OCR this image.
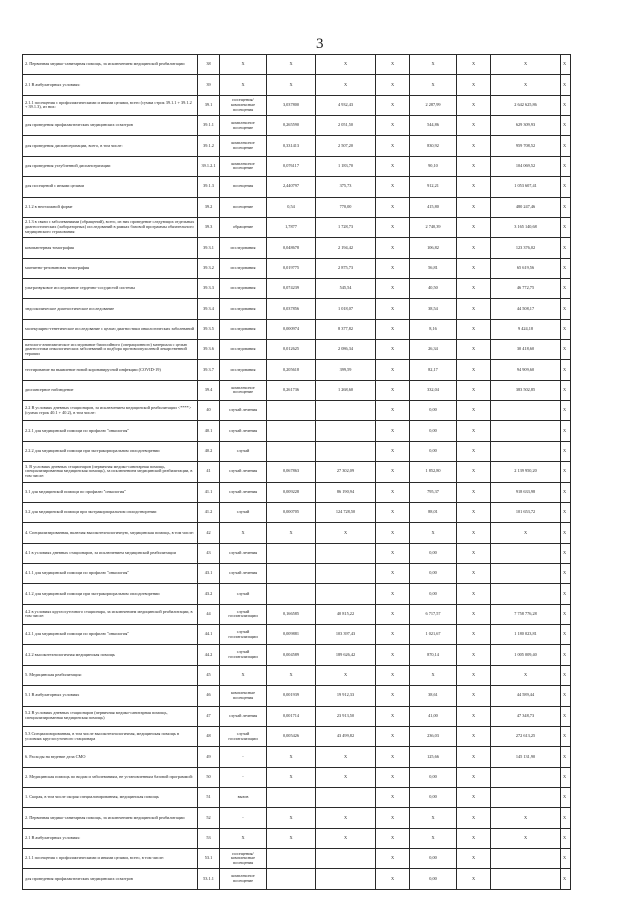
3
2. Первичная медико-санитарная помощь, за исключением медицинской реабилитации	38	X	X	X	X	X	X	X	X
2.1 В амбулаторных условиях:	39	X	X	X	X	X	X	X	X
2.1.1 посещения с профилактическими и иными целями, всего (сумма строк 39.1.1 + 39.1.2 + 39.1.3), из них:	39.1	посещения/комплексные посещения	3,037800	4 932,43	X	2 287,99	X	2 642 625,86	X
для проведения профилактических медицинских осмотров	39.1.1	комплексное посещение	0,265590	2 051,50	X	544,86	X	629 309,93	X
для проведения диспансеризации, всего, в том числе:	39.1.2	комплексное посещение	0,331413	2 507,20	X	830,92	X	959 708,52	X
для проведения углубленной диспансеризации	39.1.2.1	комплексное посещение	0,076117	1 183,70	X	90,10	X	104 069,52	X
для посещений с иными целями	39.1.3	посещения	2,440797	375,73	X	912,21	X	1 053 607,41	X
2.1.2 в неотложной форме	39.2	посещение	0,54	770,00	X	415,80	X	480 247,46	X
2.1.3 в связи с заболеваниями (обращений), всего, из них проведение следующих отдельных диагностических (лабораторных) исследований в рамках базовой программы обязательного медицинского страхования:	39.3	обращение	1,7877	1 728,73	X	2 740,39	X	3 165 140,68	X
компьютерная томография	39.3.1	исследования	0,048678	2 194,42	X	106,82	X	123 376,02	X
магнитно-резонансная томография	39.3.2	исследования	0,019775	2 875,73	X	56,81	X	65 619,56	X
ультразвуковое исследование сердечно-сосудистой системы	39.3.3	исследования	0,074239	545,54	X	40,50	X	46 772,75	X
эндоскопическое диагностическое исследование	39.3.4	исследования	0,037856	1 018,07	X	38,54	X	44 508,17	X
молекулярно-генетическое исследование с целью диагностики онкологических заболеваний	39.3.5	исследования	0,000974	8 377,82	X	8,16	X	9 424,18	X
патолого-анатомическое исследование биопсийного (операционного) материала с целью диагностики онкологических заболеваний и подбора противоопухолевой лекарственной терапии	39.3.6	исследования	0,012625	2 086,34	X	26,34	X	30 418,60	X
тестирование на выявление новой коронавирусной инфекции (COVID-19)	39.3.7	исследования	0,205618	399,59	X	82,17	X	94 909,60	X
диспансерное наблюдение	39.4	комплексное посещение	0,261736	1 268,60	X	332,04	X	383 502,85	X
2.2 В условиях дневных стационаров, за исключением медицинской реабилитации <****> (сумма строк 40.1 + 40.2), в том числе:	40	случай лечения			X	0,00	X		X
2.2.1 для медицинской помощи по профилю "онкология"	40.1	случай лечения			X	0,00	X		X
2.2.2 для медицинской помощи при экстракорпоральном оплодотворении	40.2	случай			X	0,00	X		X
3. В условиях дневных стационаров (первичная медико-санитарная помощь, специализированная медицинская помощь), за исключением медицинской реабилитации, в том числе:	41	случай лечения	0,067863	27 302,09	X	1 852,80	X	2 139 950,20	X
3.1 для медицинской помощи по профилю "онкология"	41.1	случай лечения	0,009228	86 190,94	X	795,37	X	918 633,98	X
3.2 для медицинской помощи при экстракорпоральном оплодотворении	41.2	случай	0,000705	124 728,50	X	88,01	X	101 653,72	X
4. Специализированная, включая высокотехнологичную, медицинская помощь, в том числе:	42	X	X	X	X	X	X	X	X
4.1 в условиях дневных стационаров, за исключением медицинской реабилитации	43	случай лечения			X	0,00	X		X
4.1.1 для медицинской помощи по профилю "онкология"	43.1	случай лечения			X	0,00	X		X
4.1.2 для медицинской помощи при экстракорпоральном оплодотворении	43.2	случай			X	0,00	X		X
4.2 в условиях круглосуточного стационара, за исключением медицинской реабилитации, в том числе:	44	случай госпитализации	0,166585	40 815,22	X	6 717,57	X	7 758 776,28	X
4.2.1 для медицинской помощи по профилю "онкология"	44.1	случай госпитализации	0,009881	103 397,43	X	1 021,67	X	1 180 023,81	X
4.2.2 высокотехнологичная медицинская помощь	44.2	случай госпитализации	0,004589	189 626,42	X	870,14	X	1 005 009,40	X
5. Медицинская реабилитация:	45	X	X	X	X	X	X	X	X
5.1 В амбулаторных условиях	46	комплексные посещения	0,001939	19 912,33	X	38,61	X	44 589,44	X
5.2 В условиях дневных стационаров (первичная медико-санитарная помощь, специализированная медицинская помощь)	47	случай лечения	0,001714	23 913,50	X	41,00	X	47 348,73	X
5.3 Специализированная, в том числе высокотехнологичная, медицинская помощь в условиях круглосуточного стационара	48	случай госпитализации	0,005426	43 499,82	X	236,03	X	272 613,25	X
6. Расходы на ведение дела СМО	49	-	X	X	X	125,66	X	145 131,90	X
2. Медицинская помощь по видам и заболеваниям, не установленным базовой программой:	50	-	X	X	X	0,00	X		X
1. Скорая, в том числе скорая специализированная, медицинская помощь	51	вызов			X	0,00	X		X
2. Первичная медико-санитарная помощь, за исключением медицинской реабилитации	52	-	X	X	X	X	X	X	X
2.1 В амбулаторных условиях:	53	X	X	X	X	X	X	X	X
2.1.1 посещения с профилактическими и иными целями, всего, в том числе:	53.1	посещения/комплексные посещения			X	0,00	X		X
для проведения профилактических медицинских осмотров	53.1.1	комплексное посещение			X	0,00	X		X
